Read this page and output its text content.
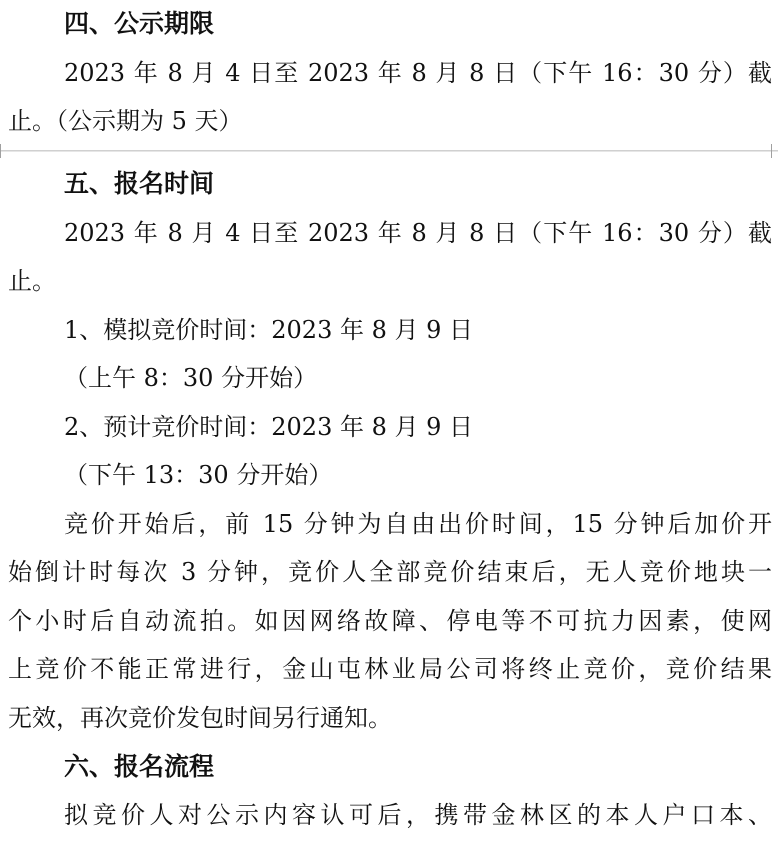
四、公示期限
2023 年 8 月 4 日至 2023 年 8 月 8 日（下午 16：30 分）截
止。（公示期为 5 天）
五、报名时间
2023 年 8 月 4 日至 2023 年 8 月 8 日（下午 16：30 分）截
止。
1、模拟竞价时间：2023 年 8 月 9 日
（上午 8：30 分开始）
2、预计竞价时间：2023 年 8 月 9 日
（下午 13：30 分开始）
竞价开始后，前 15 分钟为自由出价时间，15 分钟后加价开
始倒计时每次 3 分钟，竞价人全部竞价结束后，无人竞价地块一
个小时后自动流拍。如因网络故障、停电等不可抗力因素，使网
上竞价不能正常进行，金山屯林业局公司将终止竞价，竞价结果
无效，再次竞价发包时间另行通知。
六、报名流程
拟竞价人对公示内容认可后，携带金林区的本人户口本、
